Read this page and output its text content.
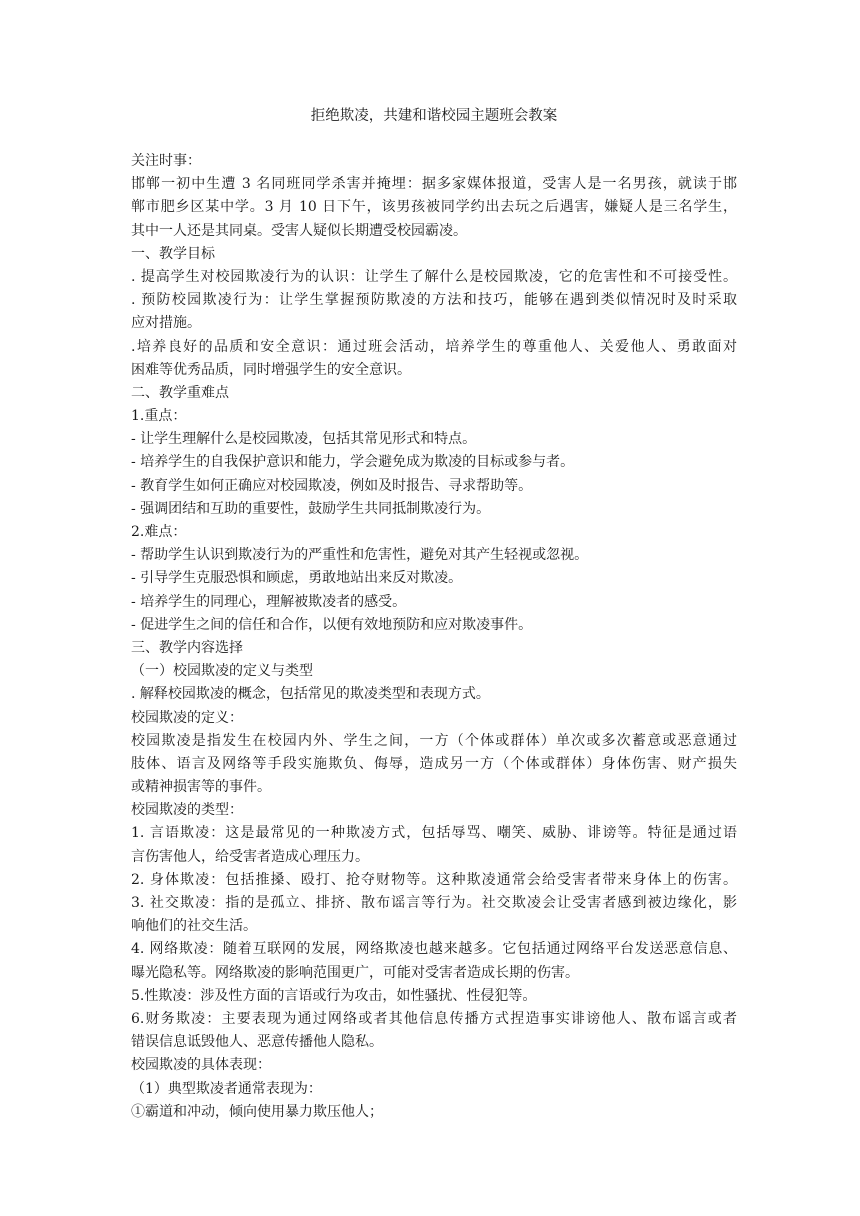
拒绝欺凌，共建和谐校园主题班会教案
关注时事：
邯郸一初中生遭 3 名同班同学杀害并掩埋：据多家媒体报道，受害人是一名男孩，就读于邯
郸市肥乡区某中学。3 月 10 日下午，该男孩被同学约出去玩之后遇害，嫌疑人是三名学生，
其中一人还是其同桌。受害人疑似长期遭受校园霸凌。
一、教学目标
. 提高学生对校园欺凌行为的认识：让学生了解什么是校园欺凌，它的危害性和不可接受性。
. 预防校园欺凌行为：让学生掌握预防欺凌的方法和技巧，能够在遇到类似情况时及时采取
应对措施。
.培养良好的品质和安全意识：通过班会活动，培养学生的尊重他人、关爱他人、勇敢面对
困难等优秀品质，同时增强学生的安全意识。
二、教学重难点
1.重点：
- 让学生理解什么是校园欺凌，包括其常见形式和特点。
- 培养学生的自我保护意识和能力，学会避免成为欺凌的目标或参与者。
- 教育学生如何正确应对校园欺凌，例如及时报告、寻求帮助等。
- 强调团结和互助的重要性，鼓励学生共同抵制欺凌行为。
2.难点：
- 帮助学生认识到欺凌行为的严重性和危害性，避免对其产生轻视或忽视。
- 引导学生克服恐惧和顾虑，勇敢地站出来反对欺凌。
- 培养学生的同理心，理解被欺凌者的感受。
- 促进学生之间的信任和合作，以便有效地预防和应对欺凌事件。
三、教学内容选择
（一）校园欺凌的定义与类型
. 解释校园欺凌的概念，包括常见的欺凌类型和表现方式。
校园欺凌的定义：
校园欺凌是指发生在校园内外、学生之间，一方（个体或群体）单次或多次蓄意或恶意通过
肢体、语言及网络等手段实施欺负、侮辱，造成另一方（个体或群体）身体伤害、财产损失
或精神损害等的事件。
校园欺凌的类型：
1. 言语欺凌：这是最常见的一种欺凌方式，包括辱骂、嘲笑、威胁、诽谤等。特征是通过语
言伤害他人，给受害者造成心理压力。
2. 身体欺凌：包括推搡、殴打、抢夺财物等。这种欺凌通常会给受害者带来身体上的伤害。
3. 社交欺凌：指的是孤立、排挤、散布谣言等行为。社交欺凌会让受害者感到被边缘化，影
响他们的社交生活。
4. 网络欺凌：随着互联网的发展，网络欺凌也越来越多。它包括通过网络平台发送恶意信息、
曝光隐私等。网络欺凌的影响范围更广，可能对受害者造成长期的伤害。
5.性欺凌：涉及性方面的言语或行为攻击，如性骚扰、性侵犯等。
6.财务欺凌：主要表现为通过网络或者其他信息传播方式捏造事实诽谤他人、散布谣言或者
错误信息诋毁他人、恶意传播他人隐私。
校园欺凌的具体表现：
（1）典型欺凌者通常表现为：
①霸道和冲动，倾向使用暴力欺压他人；
